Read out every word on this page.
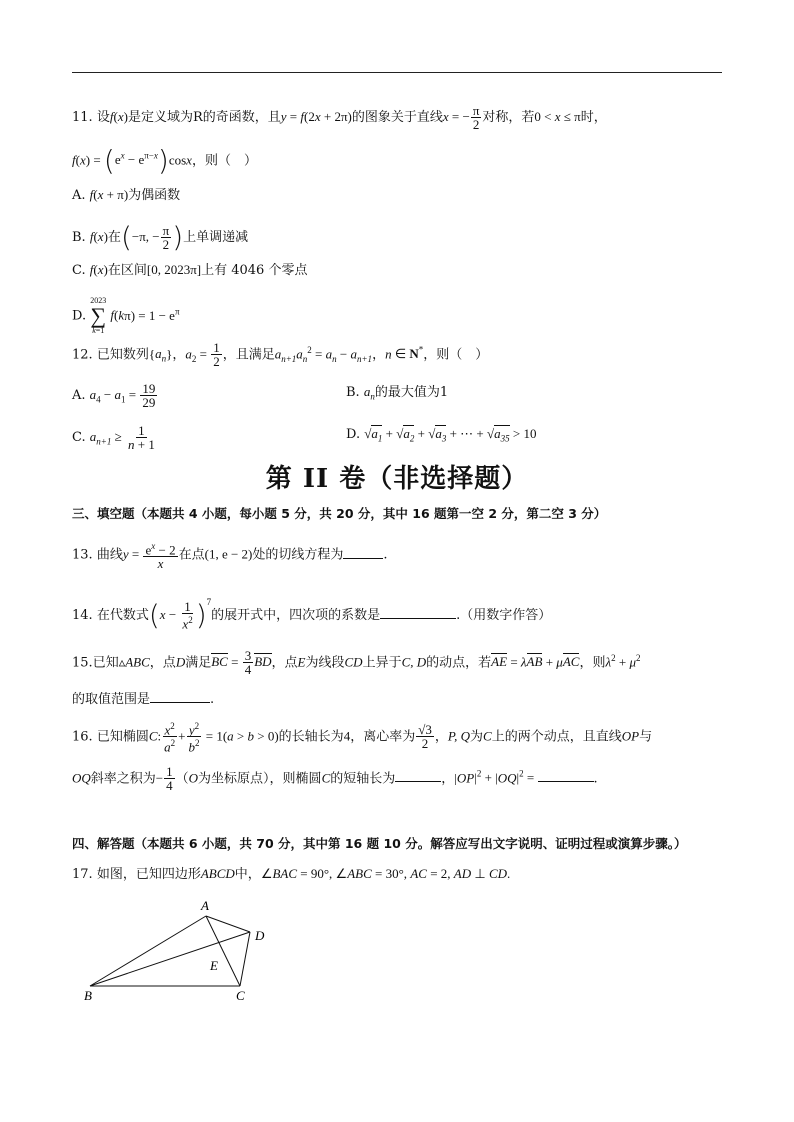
11. 设f(x)是定义域为R的奇函数，且y = f(2x + 2π)的图象关于直线x = − $\frac{\pi}{2}$ 对称，若0 < x ≤ π时，
$f(x) = (e^x - e^{\pi-x})\cos x$，则（　）
A. f(x + π)为偶函数
B. f(x)在(−π, − $\frac{\pi}{2}$ )上单调递减
C. f(x)在区间[0, 2023π]上有 4046 个零点
D.
2023
∑
k=1
$f(k\pi) = 1 - e^\pi$
12. 已知数列$\{a_n\}$，$a_2 = \frac{1}{2}$ ，且满足$a_{n+1}a_n^2 = a_n - a_{n+1}$，n ∈ N*，则（　）
A. $a_4 - a_1 = \frac{19}{29}$	B. $a_n$的最大值为1
C. $a_{n+1} \ge \frac{1}{n + 1}$	D. $√a_1 + √a_2 + √a_3$ + ⋯ + $√a_{35} > 10$
第 II 卷（非选择题）
三、填空题（本题共 4 小题，每小题 5 分，共 20 分，其中 16 题第一空 2 分，第二空 3 分）
13. 曲线$y = \frac{e^x - 2}{x}$ 在点(1, e − 2)处的切线方程为	.
14. 在代数式$(x - \frac{1}{x^2} )^7$的展开式中，四次项的系数是	.（用数字作答）
15.已知▵ABC，点D满足BC = $\frac{3}{4}$ BD，点E为线段CD上异于C, D的动点，若AE = λAB + μAC，则$\lambda^2 + \mu^2$
的取值范围是	.
16. 已知椭圆C: $\frac{x^2}{a^2} + \frac{y^2}{b^2} = 1(a > b > 0)$的长轴长为4，离心率为 $\frac{√3}{2}$ ，P, Q为C上的两个动点，且直线OP与
OQ斜率之积为− $\frac{1}{4} (O$为坐标原点），则椭圆C的短轴长为	，$|OP|^2 + |OQ|^2$ =	.
四、解答题（本题共 6 小题，共 70 分，其中第 16 题 10 分。解答应写出文字说明、证明过程或演算步骤。）
17. 如图，已知四边形ABCD中，∠BAC = 90°, ∠ABC = 30°, AC = 2, AD ⊥ CD.
A
B	C
D
E
